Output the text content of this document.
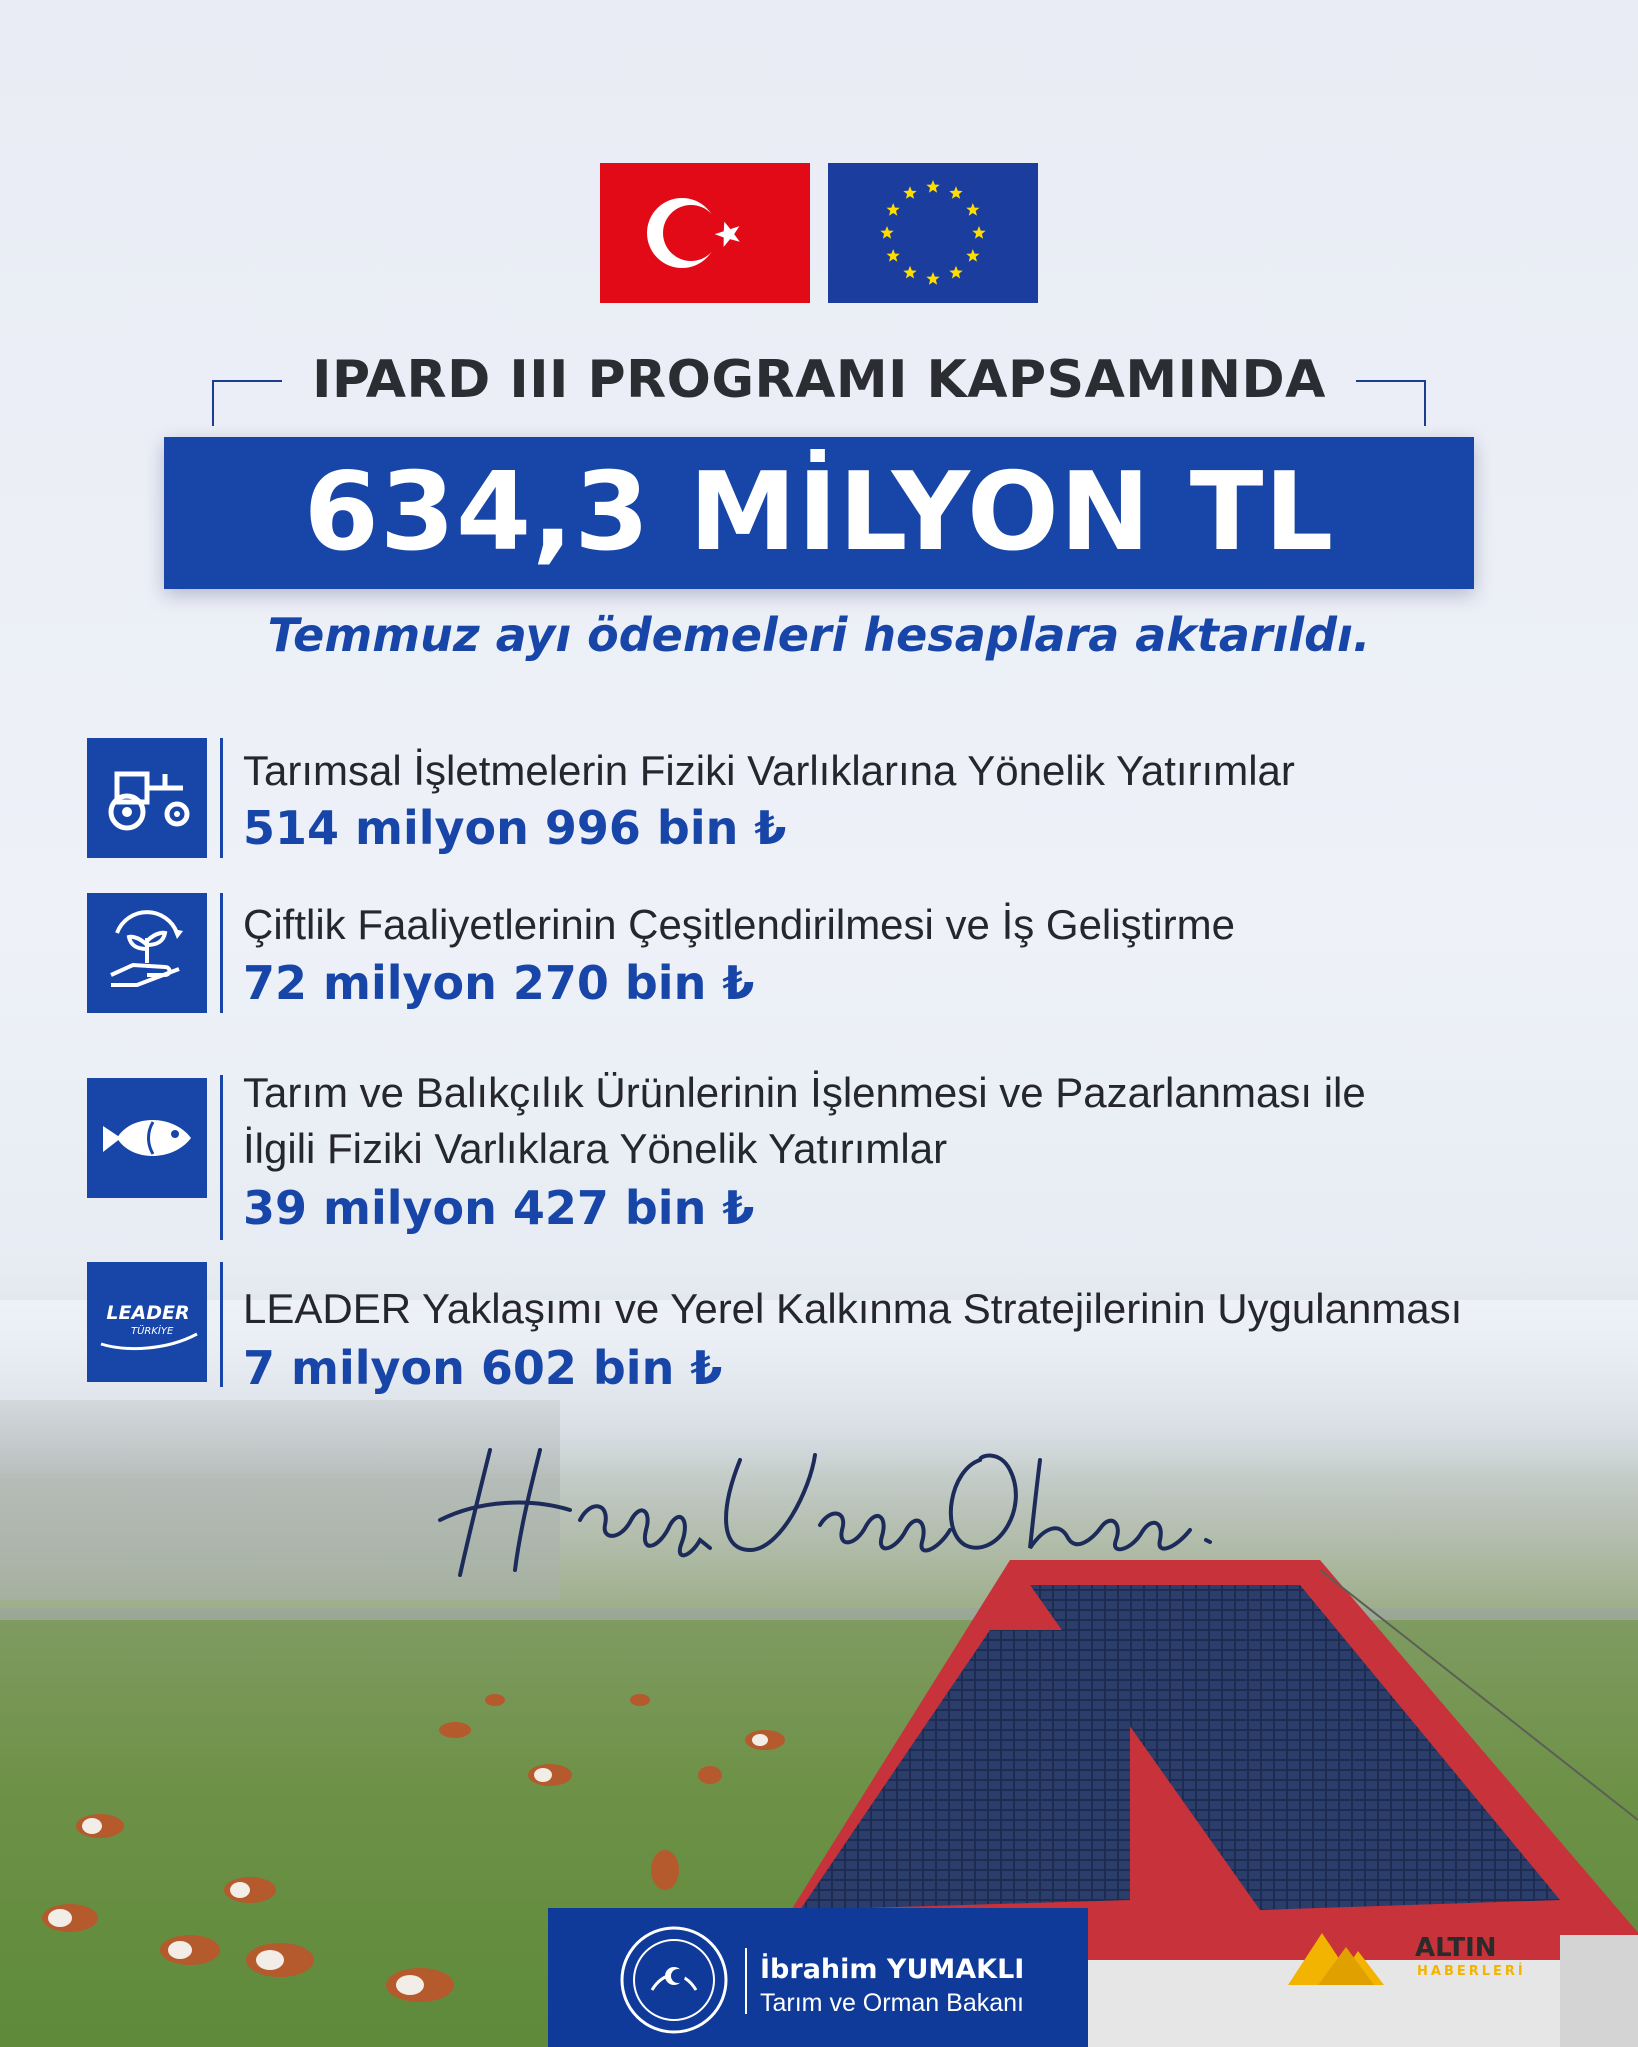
IPARD III PROGRAMI KAPSAMINDA
634,3 MİLYON TL
Temmuz ayı ödemeleri hesaplara aktarıldı.
Tarımsal İşletmelerin Fiziki Varlıklarına Yönelik Yatırımlar
514 milyon 996 bin ₺
Çiftlik Faaliyetlerinin Çeşitlendirilmesi ve İş Geliştirme
72 milyon 270 bin ₺
Tarım ve Balıkçılık Ürünlerinin İşlenmesi ve Pazarlanması ile
İlgili Fiziki Varlıklara Yönelik Yatırımlar
39 milyon 427 bin ₺
LEADER
TÜRKİYE	LEADER Yaklaşımı ve Yerel Kalkınma Stratejilerinin Uygulanması
7 milyon 602 bin ₺
İbrahim YUMAKLI
Tarım ve Orman Bakanı
ALTIN
HABERLERİ
